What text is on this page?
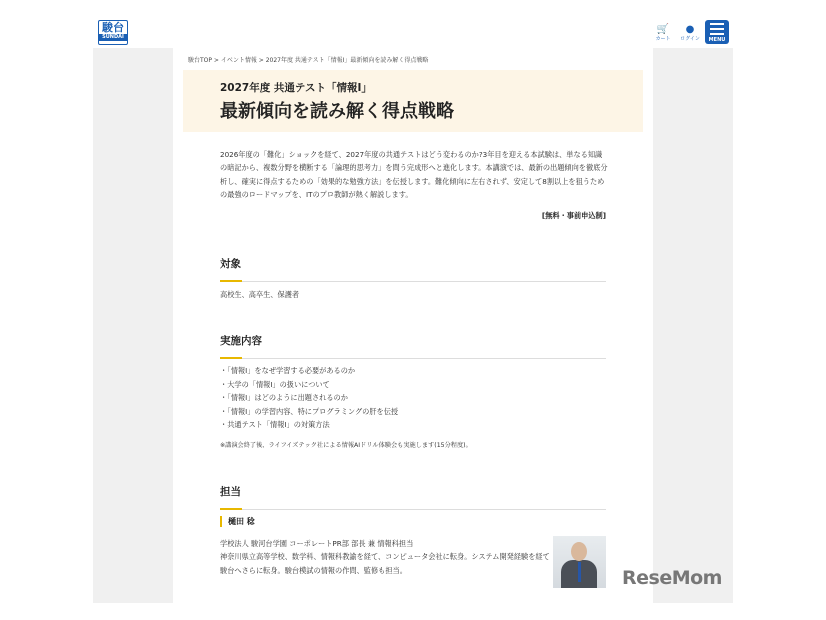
駿台
SUNDAI
🛒
カート
●
ログイン	MENU
駿台TOP > イベント情報 > 2027年度 共通テスト「情報Ⅰ」最新傾向を読み解く得点戦略
2027年度 共通テスト「情報Ⅰ」
最新傾向を読み解く得点戦略
2026年度の「難化」ショックを経て、2027年度の共通テストはどう変わるのか?3年目を迎える本試験は、単なる知識の暗記から、複数分野を横断する「論理的思考力」を問う完成形へと進化します。本講演では、最新の出題傾向を徹底分析し、確実に得点するための「効果的な勉強方法」を伝授します。難化傾向に左右されず、安定して8割以上を狙うための最強のロードマップを、ITのプロ教師が熱く解説します。
[無料・事前申込制]
対象
高校生、高卒生、保護者
実施内容
・「情報Ⅰ」をなぜ学習する必要があるのか
・大学の「情報Ⅰ」の扱いについて
・「情報Ⅰ」はどのように出題されるのか
・「情報Ⅰ」の学習内容、特にプログラミングの肝を伝授
・共通テスト「情報Ⅰ」の対策方法
※講演会終了後、ライフイズテック社による情報AIドリル体験会も実施します(15分程度)。
担当
樋田 稔
学校法人 駿河台学園 コーポレートPR部 部長 兼 情報科担当
神奈川県立高等学校、数学科、情報科教諭を経て、コンピュータ会社に転身。システム開発経験を経て
駿台へさらに転身。駿台模試の情報の作問、監修も担当。	ReseMom
